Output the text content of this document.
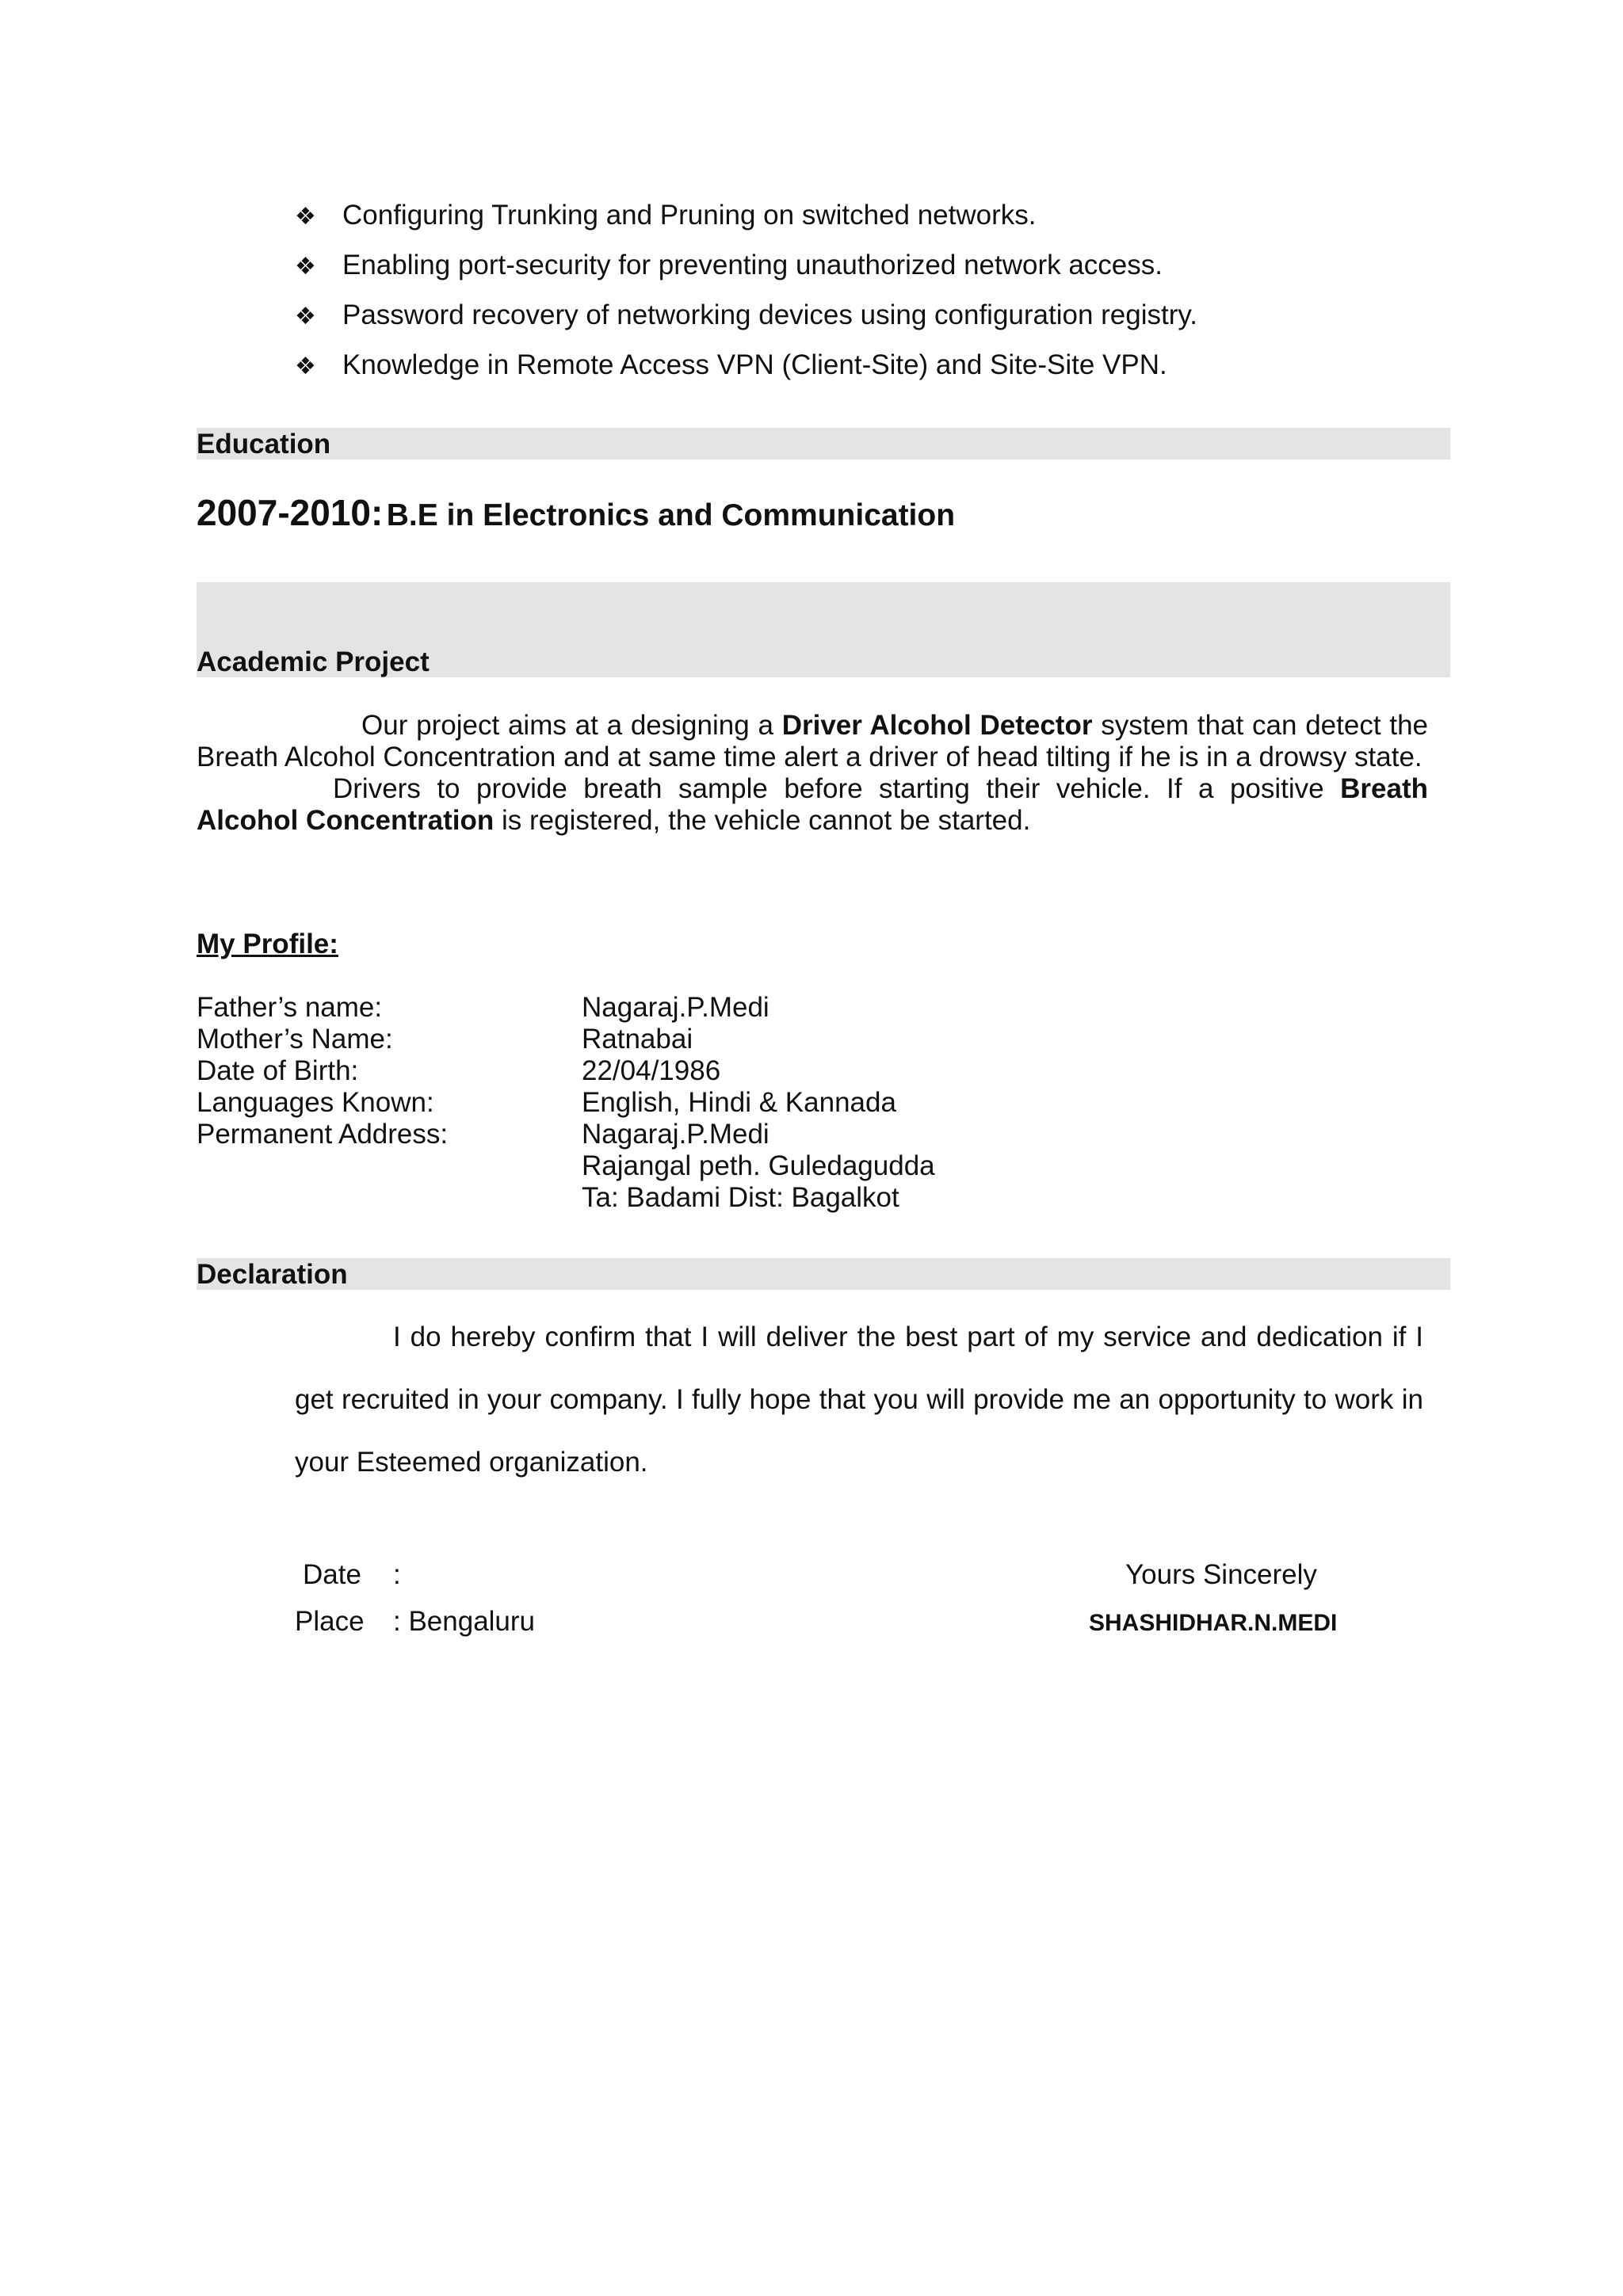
❖ Configuring Trunking and Pruning on switched networks.
❖ Enabling port-security for preventing unauthorized network access.
❖ Password recovery of networking devices using configuration registry.
❖ Knowledge in Remote Access VPN (Client-Site) and Site-Site VPN.
Education
2007-2010: B.E in Electronics and Communication
Academic Project

Our project aims at a designing a Driver Alcohol Detector system that can detect the Breath Alcohol Concentration and at same time alert a driver of head tilting if he is in a drowsy state.

Drivers to provide breath sample before starting their vehicle. If a positive Breath Alcohol Concentration is registered, the vehicle cannot be started.

My Profile:
Father’s name:	Nagaraj.P.Medi
Mother’s Name:	Ratnabai
Date of Birth:	22/04/1986
Languages Known:	English, Hindi & Kannada
Permanent Address:	Nagaraj.P.Medi
Rajangal peth. Guledagudda
Ta: Badami Dist: Bagalkot
Declaration

I do hereby confirm that I will deliver the best part of my service and dedication if I get recruited in your company. I fully hope that you will provide me an opportunity to work in your Esteemed organization.

Date :
Place : Bengaluru
Yours Sincerely
SHASHIDHAR.N.MEDI
